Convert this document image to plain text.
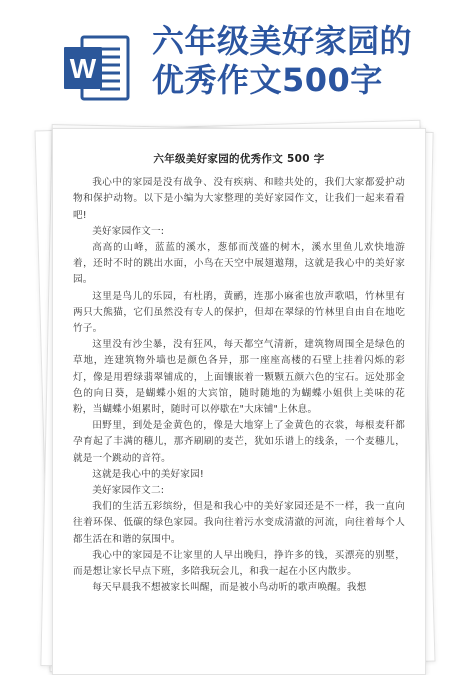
W
六年级美好家园的
优秀作文500字
六年级美好家园的优秀作文 500 字

我心中的家园是没有战争、没有疾病、和睦共处的，我们大家都爱护动物和保护动物。以下是小编为大家整理的美好家园作文，让我们一起来看看吧!

美好家园作文一:

高高的山峰，蓝蓝的溪水，葱郁而茂盛的树木，溪水里鱼儿欢快地游着，还时不时的跳出水面，小鸟在天空中展翅遨翔，这就是我心中的美好家园。

这里是鸟儿的乐园，有杜鹃，黄鹂，连那小麻雀也放声歌唱，竹林里有两只大熊猫，它们虽然没有专人的保护，但却在翠绿的竹林里自由自在地吃竹子。

这里没有沙尘暴，没有狂风，每天都空气清新，建筑物周围全是绿色的草地，连建筑物外墙也是颜色各异，那一座座高楼的石壁上挂着闪烁的彩灯，像是用碧绿翡翠铺成的，上面镶嵌着一颗颗五颜六色的宝石。远处那金色的向日葵，是蝴蝶小姐的大宾馆，随时随地的为蝴蝶小姐供上美味的花粉，当蝴蝶小姐累时，随时可以停歇在"大床铺"上休息。

田野里，到处是金黄色的，像是大地穿上了金黄色的衣裳，每根麦秆都孕育起了丰满的穗儿，那齐刷刷的麦芒，犹如乐谱上的线条，一个麦穗儿，就是一个跳动的音符。

这就是我心中的美好家园!

美好家园作文二:

我们的生活五彩缤纷，但是和我心中的美好家园还是不一样，我一直向往着环保、低碳的绿色家园。我向往着污水变成清澈的河流，向往着每个人都生活在和谐的氛围中。

我心中的家园是不让家里的人早出晚归，挣许多的钱，买漂亮的别墅，而是想让家长早点下班，多陪我玩会儿，和我一起在小区内散步。

每天早晨我不想被家长叫醒，而是被小鸟动听的歌声唤醒。我想
